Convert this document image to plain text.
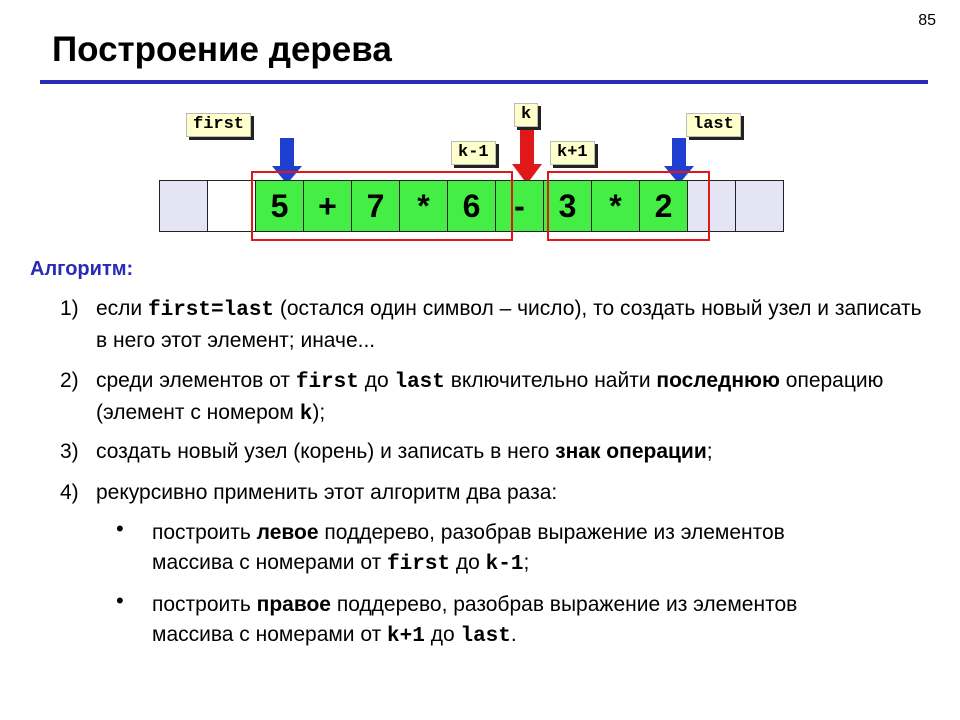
85
Построение дерева
first	last
k
k-1	k+1
5 + 7	*	6	-	3	*	2
Алгоритм:
1) если first=last (остался один символ – число), то создать новый узел и записать в него этот элемент; иначе...
2) среди элементов от first до last включительно найти последнюю операцию (элемент с номером k);
3) создать новый узел (корень) и записать в него знак операции;
4) рекурсивно применить этот алгоритм два раза:
• построить левое поддерево, разобрав выражение из элементов массива с номерами от first до k-1;
• построить правое поддерево, разобрав выражение из элементов массива с номерами от k+1 до last.
